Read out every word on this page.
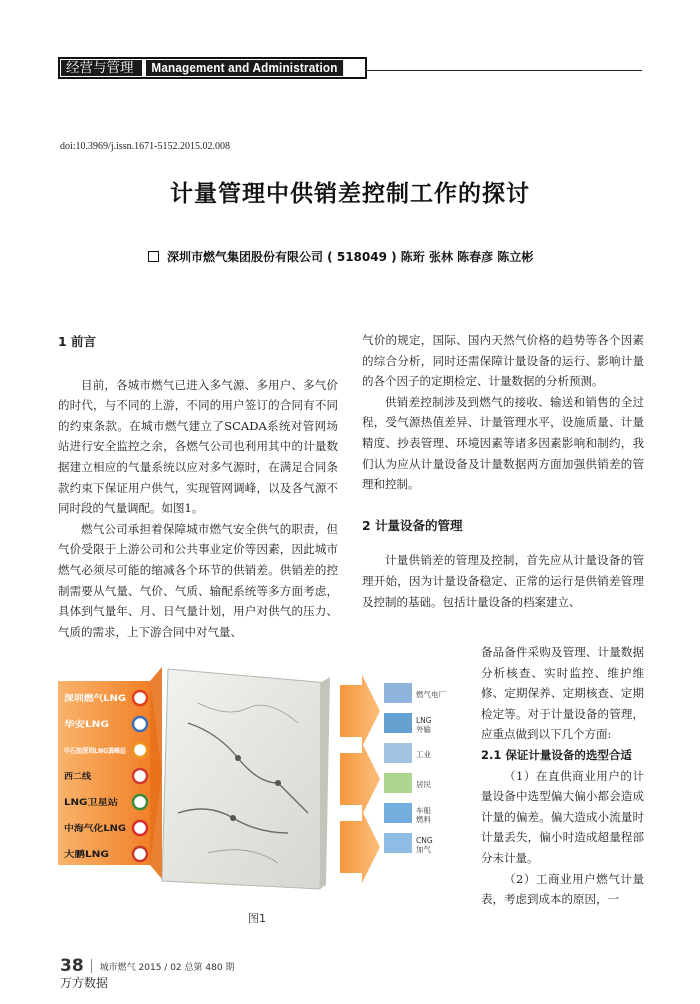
经营与管理	Management and Administration
doi:10.3969/j.issn.1671-5152.2015.02.008
计量管理中供销差控制工作的探讨
深圳市燃气集团股份有限公司 ( 518049 ) 陈珩 张林 陈春彦 陈立彬
1 前言

目前，各城市燃气已进入多气源、多用户、多气价的时代，与不同的上游，不同的用户签订的合同有不同的约束条款。在城市燃气建立了SCADA系统对管网场站进行安全监控之余，各燃气公司也利用其中的计量数据建立相应的气量系统以应对多气源时，在满足合同条款约束下保证用户供气，实现管网调峰，以及各气源不同时段的气量调配。如图1。

燃气公司承担着保障城市燃气安全供气的职责，但气价受限于上游公司和公共事业定价等因素，因此城市燃气必须尽可能的缩减各个环节的供销差。供销差的控制需要从气量、气价、气质、输配系统等多方面考虑，具体到气量年、月、日气量计划，用户对供气的压力、气质的需求，上下游合同中对气量、

气价的规定，国际、国内天然气价格的趋势等各个因素的综合分析，同时还需保障计量设备的运行、影响计量的各个因子的定期检定、计量数据的分析预测。

供销差控制涉及到燃气的接收、输送和销售的全过程，受气源热值差异、计量管理水平，设施质量、计量精度、抄表管理、环境因素等诸多因素影响和制约，我们认为应从计量设备及计量数据两方面加强供销差的管理和控制。

2 计量设备的管理

计量供销差的管理及控制，首先应从计量设备的管理开始，因为计量设备稳定、正常的运行是供销差管理及控制的基础。包括计量设备的档案建立、

备品备件采购及管理、计量数据分析核查、实时监控、维护维修、定期保养、定期核查、定期检定等。对于计量设备的管理，应重点做到以下几个方面:
2.1 保证计量设备的选型合适

（1）在直供商业用户的计量设备中选型偏大偏小都会造成计量的偏差。偏大造成小流量时计量丢失，偏小时造成超量程部分未计量。

（2）工商业用户燃气计量表，考虑到成本的原因，一

深圳燃气LNG
华安LNG
中石油深圳LNG调峰站
西二线
LNG卫星站
中海气化LNG
大鹏LNG
燃气电厂
LNG 外输
工业
居民
车船燃料
CNG 加气
图1
38 城市燃气 2015 / 02 总第 480 期
万方数据
